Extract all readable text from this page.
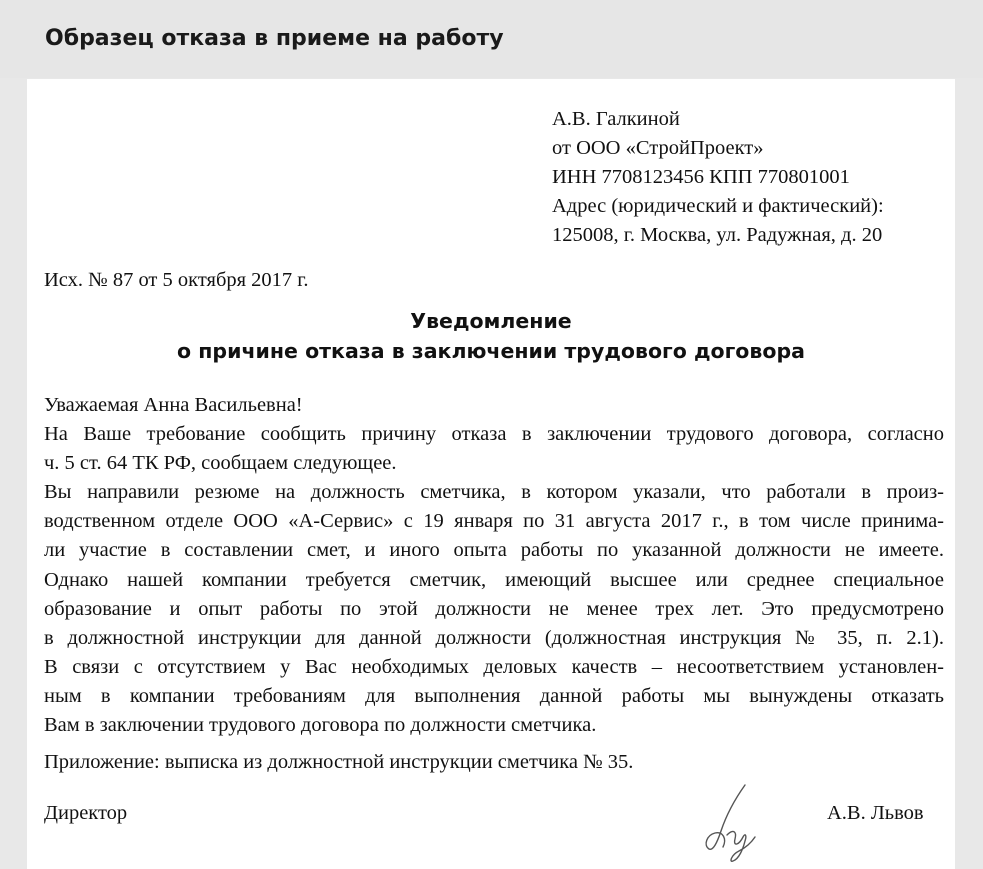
Образец отказа в приеме на работу
А.В. Галкиной
от ООО «СтройПроект»
ИНН 7708123456 КПП 770801001
Адрес (юридический и фактический):
125008, г. Москва, ул. Радужная, д. 20
Исх. № 87 от 5 октября 2017 г.
Уведомление
о причине отказа в заключении трудового договора
Уважаемая Анна Васильевна!
На Ваше требование сообщить причину отказа в заключении трудового договора, согласно
ч. 5 ст. 64 ТК РФ, сообщаем следующее.
Вы направили резюме на должность сметчика, в котором указали, что работали в произ-
водственном отделе ООО «А-Сервис» с 19 января по 31 августа 2017 г., в том числе принима-
ли участие в составлении смет, и иного опыта работы по указанной должности не имеете.
Однако нашей компании требуется сметчик, имеющий высшее или среднее специальное
образование и опыт работы по этой должности не менее трех лет. Это предусмотрено
в должностной инструкции для данной должности (должностная инструкция № 35, п. 2.1).
В связи с отсутствием у Вас необходимых деловых качеств – несоответствием установлен-
ным в компании требованиям для выполнения данной работы мы вынуждены отказать
Вам в заключении трудового договора по должности сметчика.
Приложение: выписка из должностной инструкции сметчика № 35.
Директор	А.В. Львов
